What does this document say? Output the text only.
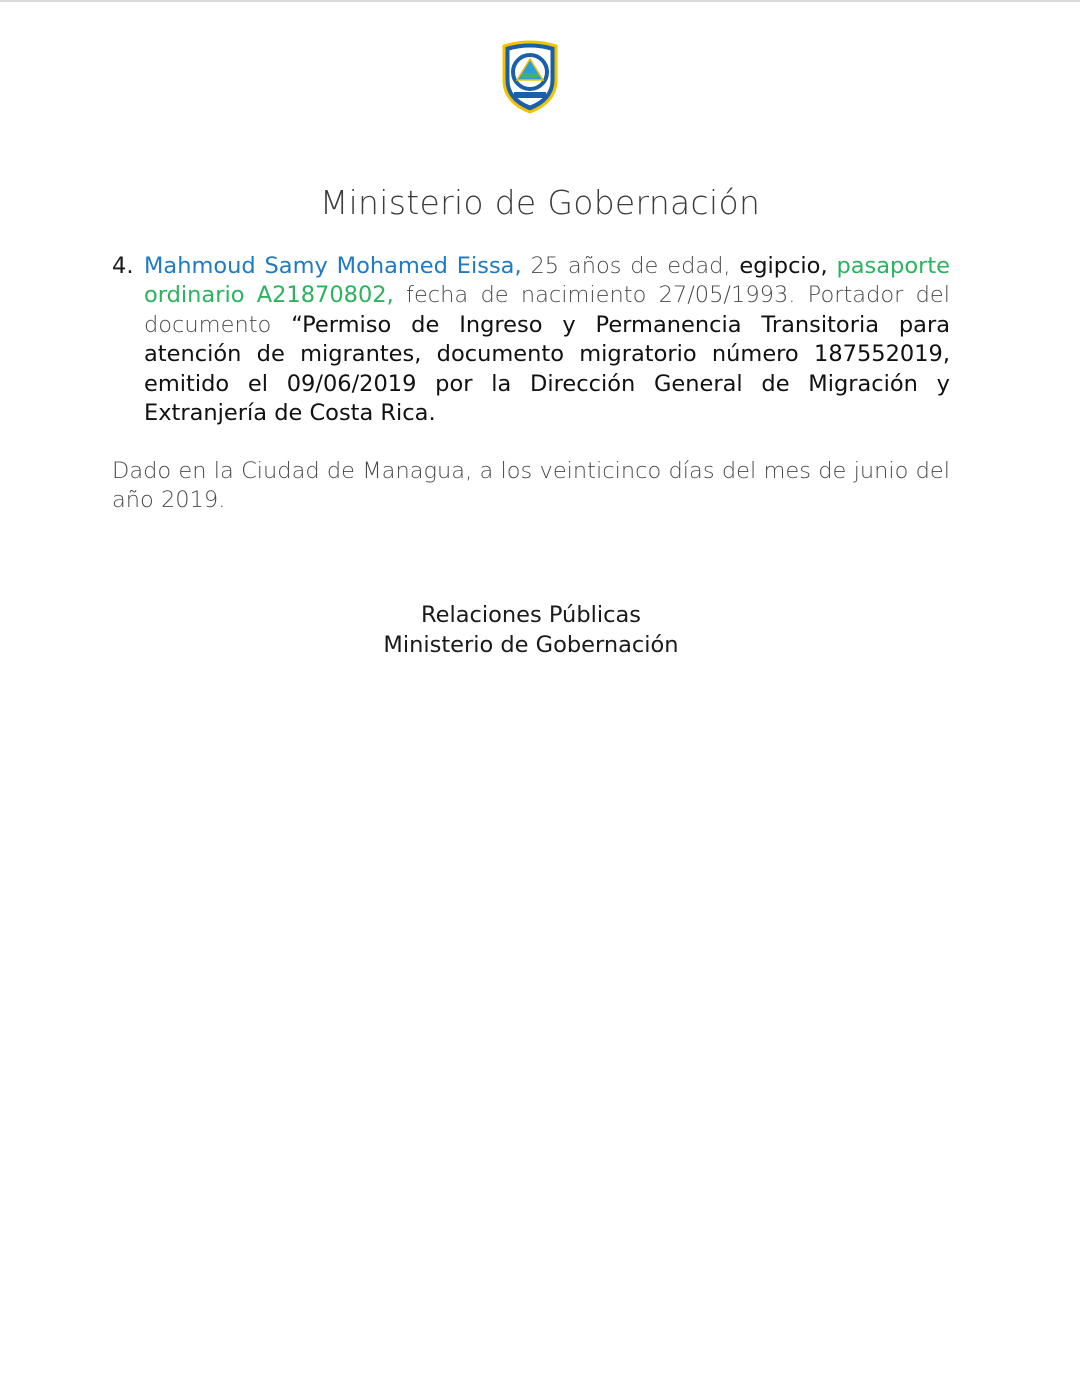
Ministerio de Gobernación
4. Mahmoud Samy Mohamed Eissa, 25 años de edad, egipcio, pasaporte ordinario A21870802, fecha de nacimiento 27/05/1993. Portador del documento “Permiso de Ingreso y Permanencia Transitoria para atención de migrantes, documento migratorio número 187552019, emitido el 09/06/2019 por la Dirección General de Migración y Extranjería de Costa Rica.
Dado en la Ciudad de Managua, a los veinticinco días del mes de junio del año 2019.
Relaciones Públicas
Ministerio de Gobernación
